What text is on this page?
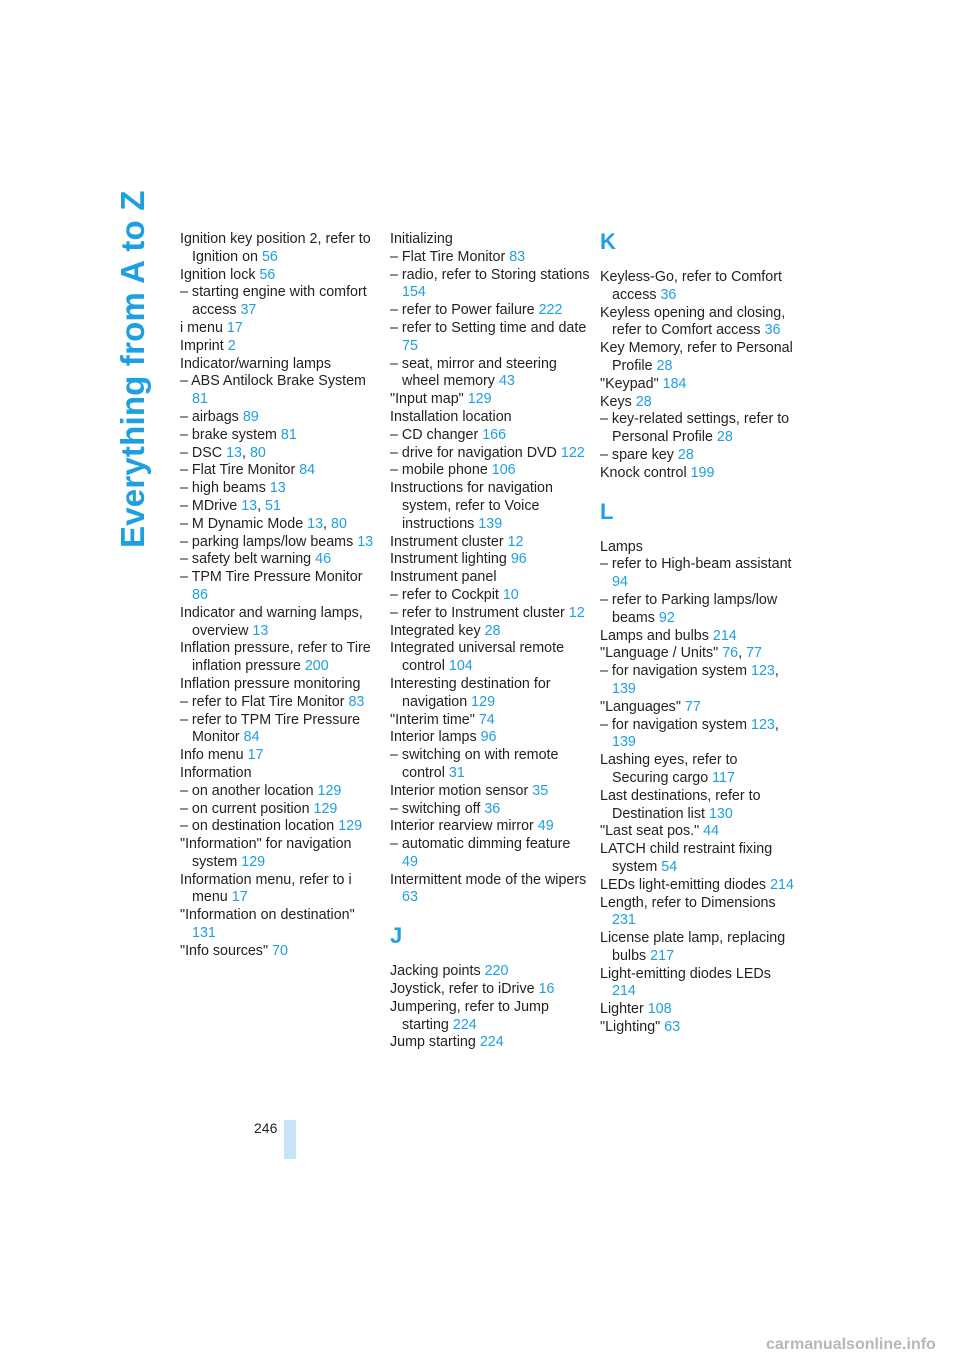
Everything from A to Z Ignition key position 2, refer to Ignition on 56
Ignition lock 56
– starting engine with comfort access 37
i menu 17
Imprint 2
Indicator/warning lamps
– ABS Antilock Brake System 81
– airbags 89
– brake system 81
– DSC 13, 80
– Flat Tire Monitor 84
– high beams 13
– MDrive 13, 51
– M Dynamic Mode 13, 80
– parking lamps/low beams 13
– safety belt warning 46
– TPM Tire Pressure Monitor 86
Indicator and warning lamps, overview 13
Inflation pressure, refer to Tire inflation pressure 200
Inflation pressure monitoring
– refer to Flat Tire Monitor 83
– refer to TPM Tire Pressure Monitor 84
Info menu 17
Information
– on another location 129
– on current position 129
– on destination location 129
"Information" for navigation system 129
Information menu, refer to i menu 17
"Information on destination" 131
"Info sources" 70
Initializing
– Flat Tire Monitor 83
– radio, refer to Storing stations 154
– refer to Power failure 222
– refer to Setting time and date 75
– seat, mirror and steering wheel memory 43
"Input map" 129
Installation location
– CD changer 166
– drive for navigation DVD 122
– mobile phone 106
Instructions for navigation system, refer to Voice instructions 139
Instrument cluster 12
Instrument lighting 96
Instrument panel
– refer to Cockpit 10
– refer to Instrument cluster 12
Integrated key 28
Integrated universal remote control 104
Interesting destination for navigation 129
"Interim time" 74
Interior lamps 96
– switching on with remote control 31
Interior motion sensor 35
– switching off 36
Interior rearview mirror 49
– automatic dimming feature 49
Intermittent mode of the wipers 63
J
Jacking points 220
Joystick, refer to iDrive 16
Jumpering, refer to Jump starting 224
Jump starting 224
K
Keyless-Go, refer to Comfort access 36
Keyless opening and closing, refer to Comfort access 36
Key Memory, refer to Personal Profile 28
"Keypad" 184
Keys 28
– key-related settings, refer to Personal Profile 28
– spare key 28
Knock control 199
L
Lamps
– refer to High-beam assistant 94
– refer to Parking lamps/low beams 92
Lamps and bulbs 214
"Language / Units" 76, 77
– for navigation system 123, 139
"Languages" 77
– for navigation system 123, 139
Lashing eyes, refer to Securing cargo 117
Last destinations, refer to Destination list 130
"Last seat pos." 44
LATCH child restraint fixing system 54
LEDs light-emitting diodes 214
Length, refer to Dimensions 231
License plate lamp, replacing bulbs 217
Light-emitting diodes LEDs 214
Lighter 108
"Lighting" 63
246
carmanualsonline.info
